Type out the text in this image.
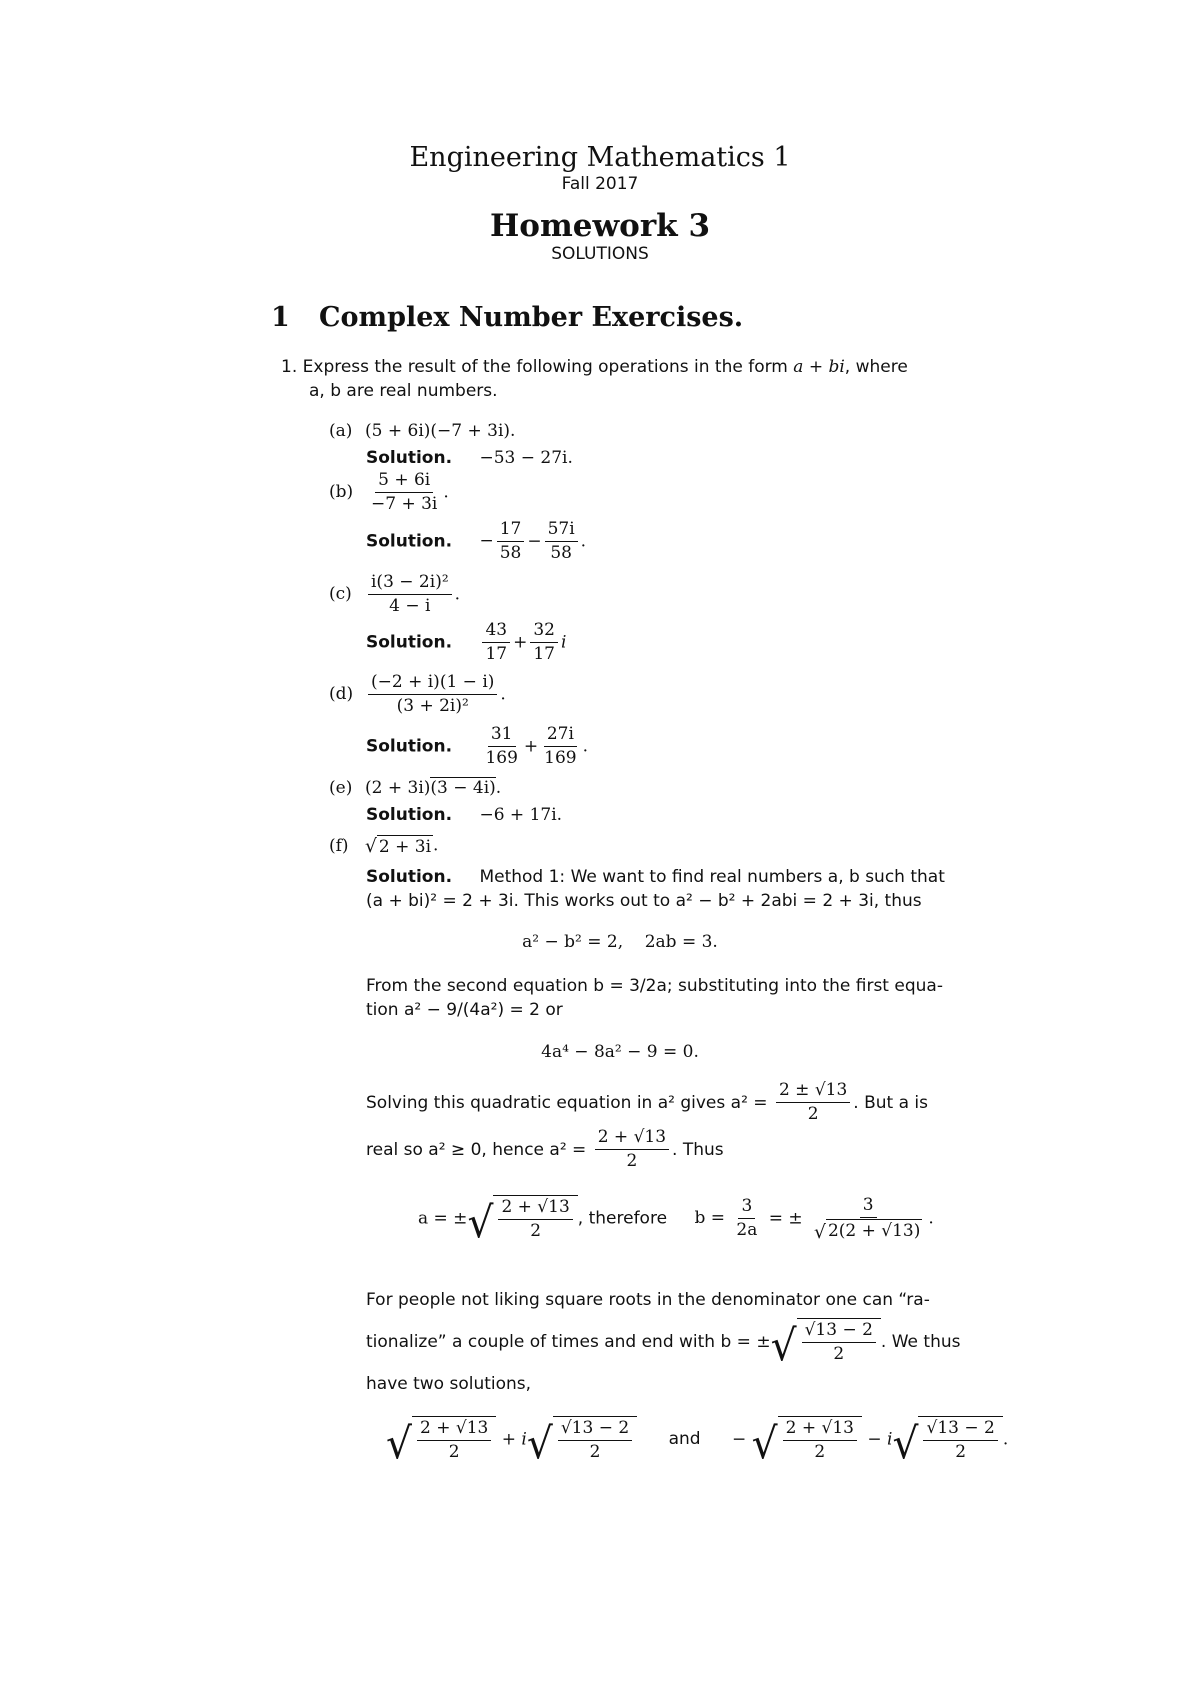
Engineering Mathematics 1
Fall 2017
Homework 3
SOLUTIONS
1 Complex Number Exercises.
1. Express the result of the following operations in the form a + bi, where
a, b are real numbers.
(a) (5 + 6i)(−7 + 3i).
Solution. −53 − 27i.
$(b) \frac{5 + 6i}{-7 + 3i}$ .
Solution. − $\frac{17}{58} - \frac{57i}{58}$ .
$(c) \frac{\text{i(3 − 2i)²}}{4 - i}$ .
Solution. $\frac{43}{17} + \frac{32}{17}$ i
$(d) \frac{(-2 + i)(1 - i)}{\text{(3 + 2i)²}}$ .
Solution. $\frac{31}{169} + \frac{27i}{169}$ .
(e) (2 + 3i)(3 − 4i).
Solution. −6 + 17i.
(f) √ 2 + 3i .
Solution. Method 1: We want to find real numbers a, b such that
(a + bi)² = 2 + 3i. This works out to a² − b² + 2abi = 2 + 3i, thus
a² − b² = 2,    2ab = 3.
From the second equation b = 3/2a; substituting into the first equa-
tion a² − 9/(4a²) = 2 or
4a⁴ − 8a² − 9 = 0.
Solving this quadratic equation in a² gives $a^2 = \frac{2 \pm √13}{2}$ . But a is
real so a² ≥ 0, hence $a^2 = \frac{2 + √13}{2}$ . Thus
a = ± √ $\frac{2 + √13}{2}$ , therefore $b = \frac{3}{2a}$ = ± $\frac{3}{√ 2(2 + √13)}$ .
For people not liking square roots in the denominator one can “ra-
tionalize” a couple of times and end with b = ± √ $\frac{√13 - 2}{2}$ . We thus
have two solutions,
√ $\frac{2 + √13}{2} + i$ √ $\frac{√13 - 2}{2}$ and − √ $\frac{2 + √13}{2} - i$ √ $\frac{√13 - 2}{2}$ .
